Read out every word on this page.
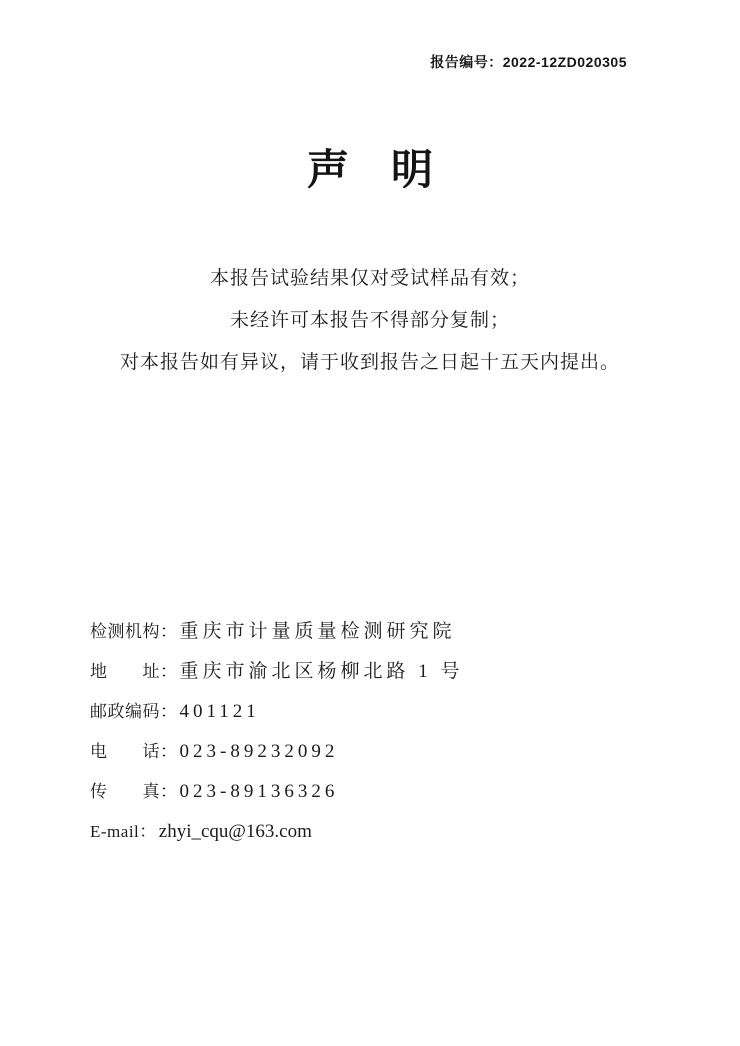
报告编号：2022-12ZD020305
声　明

本报告试验结果仅对受试样品有效；

未经许可本报告不得部分复制；

对本报告如有异议，请于收到报告之日起十五天内提出。

检测机构： 重庆市计量质量检测研究院
地　　址： 重庆市渝北区杨柳北路 1 号
邮政编码： 401121
电　　话： 023-89232092
传　　真： 023-89136326
E-mail： zhyi_cqu@163.com
